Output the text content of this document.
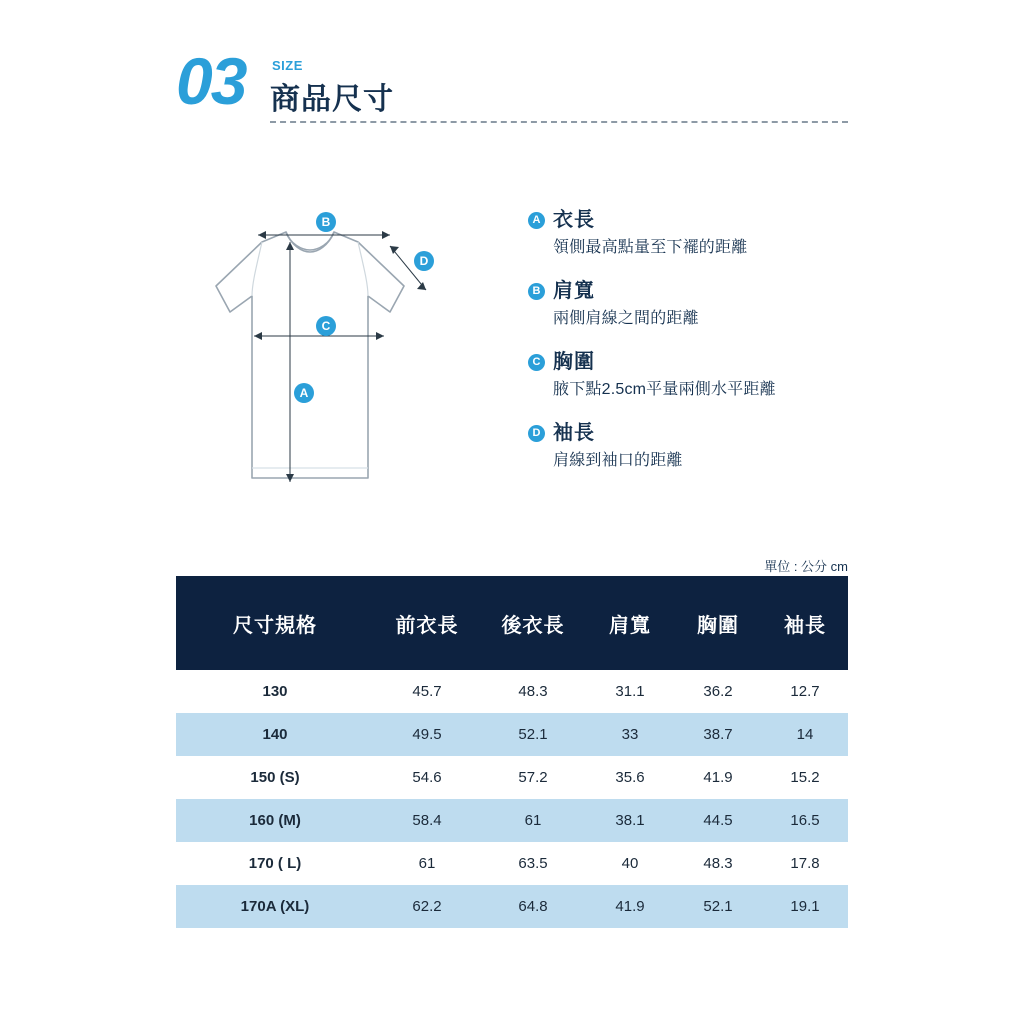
03 SIZE
商品尺寸
A
B
C
D
A 衣長
領側最高點量至下襬的距離
B 肩寬
兩側肩線之間的距離
C 胸圍
腋下點2.5cm平量兩側水平距離
D 袖長
肩線到袖口的距離
單位 : 公分 cm
尺寸規格	前衣長	後衣長	肩寬	胸圍	袖長
130	45.7	48.3	31.1	36.2	12.7
140	49.5	52.1	33	38.7	14
150 (S)	54.6	57.2	35.6	41.9	15.2
160 (M)	58.4	61	38.1	44.5	16.5
170 ( L)	61	63.5	40	48.3	17.8
170A (XL)	62.2	64.8	41.9	52.1	19.1
